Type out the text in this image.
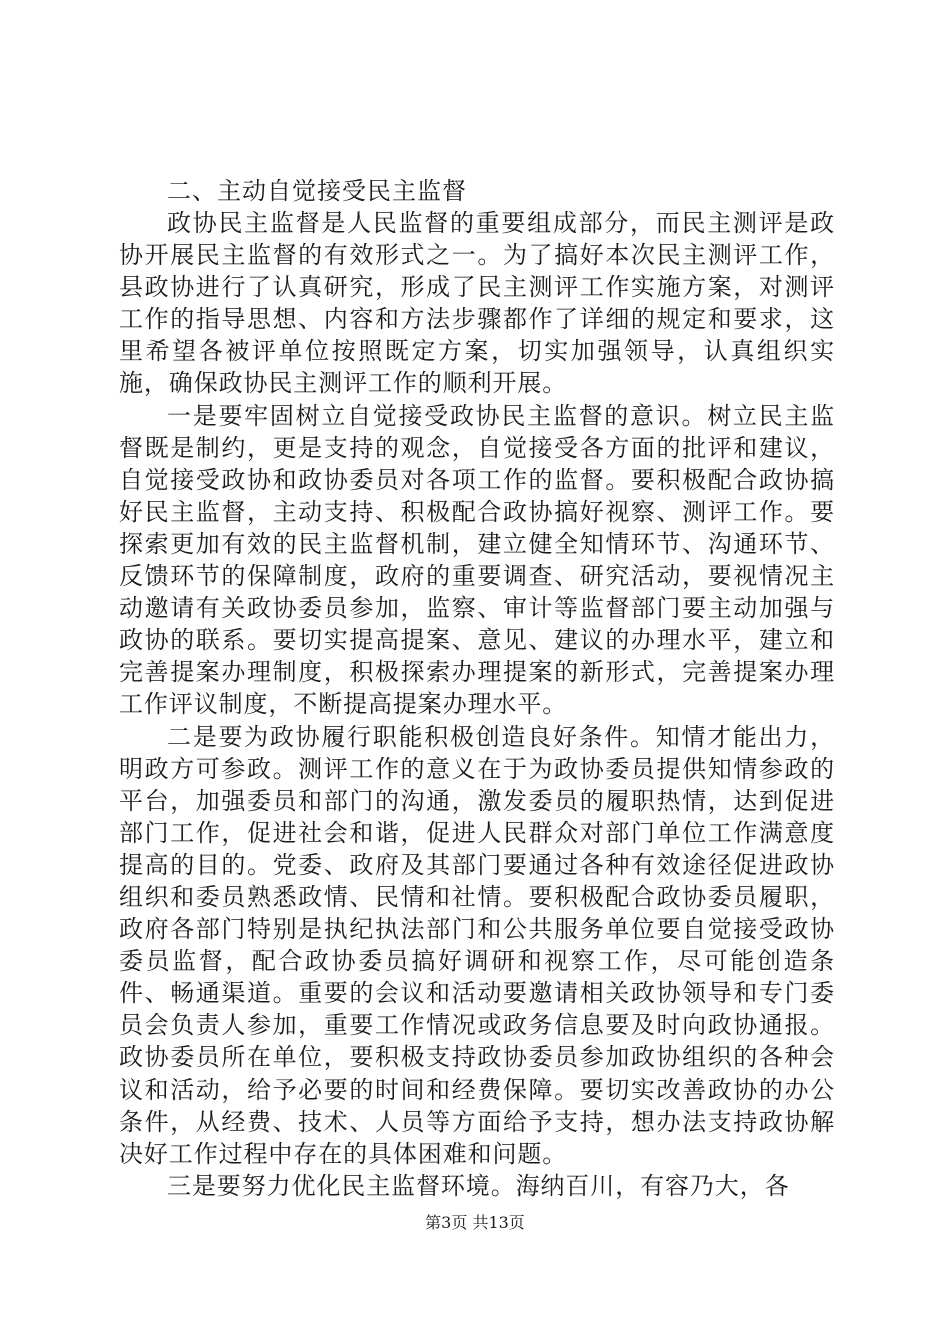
二、主动自觉接受民主监督

政协民主监督是人民监督的重要组成部分，而民主测评是政协开展民主监督的有效形式之一。为了搞好本次民主测评工作，县政协进行了认真研究，形成了民主测评工作实施方案，对测评工作的指导思想、内容和方法步骤都作了详细的规定和要求，这里希望各被评单位按照既定方案，切实加强领导，认真组织实施，确保政协民主测评工作的顺利开展。

一是要牢固树立自觉接受政协民主监督的意识。树立民主监督既是制约，更是支持的观念，自觉接受各方面的批评和建议，自觉接受政协和政协委员对各项工作的监督。要积极配合政协搞好民主监督，主动支持、积极配合政协搞好视察、测评工作。要探索更加有效的民主监督机制，建立健全知情环节、沟通环节、反馈环节的保障制度，政府的重要调查、研究活动，要视情况主动邀请有关政协委员参加，监察、审计等监督部门要主动加强与政协的联系。要切实提高提案、意见、建议的办理水平，建立和完善提案办理制度，积极探索办理提案的新形式，完善提案办理工作评议制度，不断提高提案办理水平。

二是要为政协履行职能积极创造良好条件。知情才能出力，明政方可参政。测评工作的意义在于为政协委员提供知情参政的平台，加强委员和部门的沟通，激发委员的履职热情，达到促进部门工作，促进社会和谐，促进人民群众对部门单位工作满意度提高的目的。党委、政府及其部门要通过各种有效途径促进政协组织和委员熟悉政情、民情和社情。要积极配合政协委员履职，政府各部门特别是执纪执法部门和公共服务单位要自觉接受政协委员监督，配合政协委员搞好调研和视察工作，尽可能创造条件、畅通渠道。重要的会议和活动要邀请相关政协领导和专门委员会负责人参加，重要工作情况或政务信息要及时向政协通报。政协委员所在单位，要积极支持政协委员参加政协组织的各种会议和活动，给予必要的时间和经费保障。要切实改善政协的办公条件，从经费、技术、人员等方面给予支持，想办法支持政协解决好工作过程中存在的具体困难和问题。

三是要努力优化民主监督环境。海纳百川，有容乃大，各

第3页 共13页
